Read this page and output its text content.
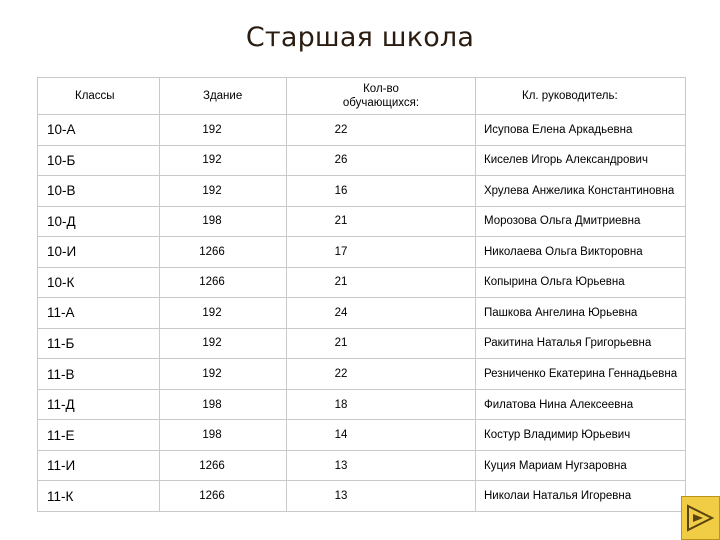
Старшая школа
Классы	Здание	Кол-во
обучающихся:	Кл. руководитель:
10-А	192	22	Исупова Елена Аркадьевна
10-Б	192	26	Киселев Игорь Александрович
10-В	192	16	Хрулева Анжелика Константиновна
10-Д	198	21	Морозова Ольга Дмитриевна
10-И	1266	17	Николаева Ольга Викторовна
10-К	1266	21	Копырина Ольга Юрьевна
11-А	192	24	Пашкова Ангелина Юрьевна
11-Б	192	21	Ракитина Наталья Григорьевна
11-В	192	22	Резниченко Екатерина Геннадьевна
11-Д	198	18	Филатова Нина Алексеевна
11-Е	198	14	Костур Владимир Юрьевич
11-И	1266	13	Куция Мариам Нугзаровна
11-К	1266	13	Николаи Наталья Игоревна
